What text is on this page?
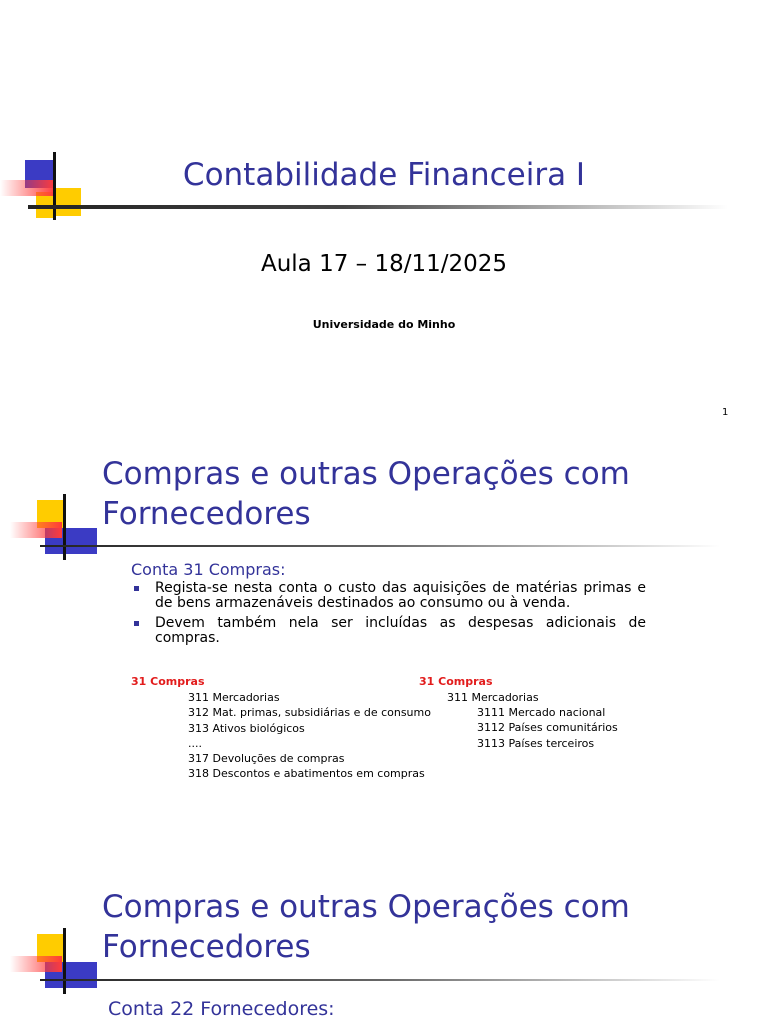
Contabilidade Financeira I
Aula 17 – 18/11/2025
Universidade do Minho
1
Compras e outras Operações com
Fornecedores
Conta 31 Compras:
Regista-se nesta conta o custo das aquisições de matérias primas e de bens armazenáveis destinados ao consumo ou à venda.
Devem também nela ser incluídas as despesas adicionais de compras.
31 Compras
311 Mercadorias
312 Mat. primas, subsidiárias e de consumo
313 Ativos biológicos
....
317 Devoluções de compras
318 Descontos e abatimentos em compras
31 Compras
311 Mercadorias
3111 Mercado nacional
3112 Países comunitários
3113 Países terceiros
Compras e outras Operações com
Fornecedores
Conta 22 Fornecedores:
